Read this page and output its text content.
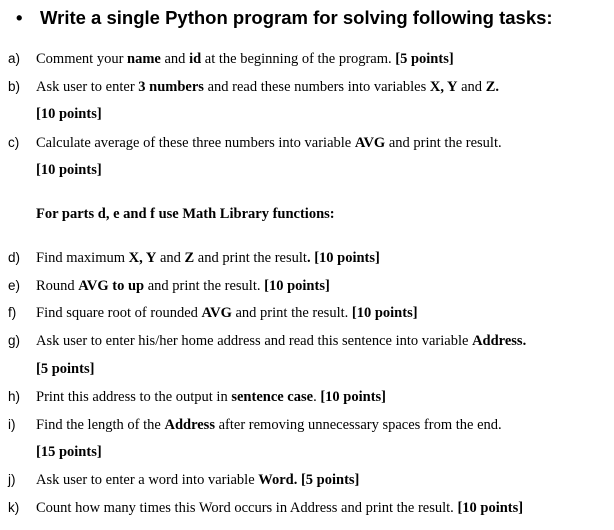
• Write a single Python program for solving following tasks:
a) Comment your name and id at the beginning of the program. [5 points]
b) Ask user to enter 3 numbers and read these numbers into variables X, Y and Z.
[10 points]
c) Calculate average of these three numbers into variable AVG and print the result.
[10 points]
For parts d, e and f use Math Library functions:
d) Find maximum X, Y and Z and print the result. [10 points]
e) Round AVG to up and print the result. [10 points]
f) Find square root of rounded AVG and print the result. [10 points]
g) Ask user to enter his/her home address and read this sentence into variable Address.
[5 points]
h) Print this address to the output in sentence case. [10 points]
i) Find the length of the Address after removing unnecessary spaces from the end.
[15 points]
j) Ask user to enter a word into variable Word. [5 points]
k) Count how many times this Word occurs in Address and print the result. [10 points]
